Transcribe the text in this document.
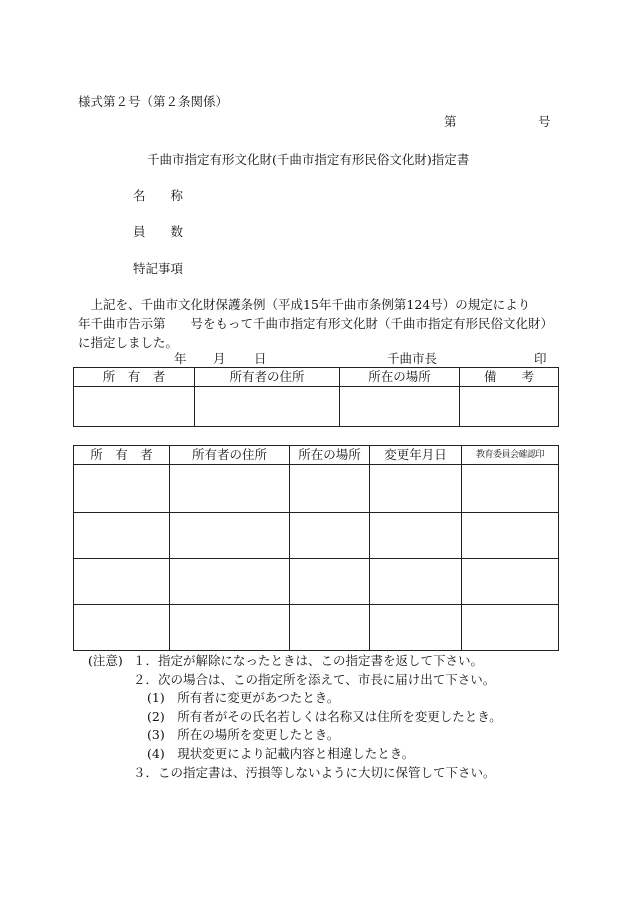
様式第２号（第２条関係）
第	号
千曲市指定有形文化財(千曲市指定有形民俗文化財)指定書
名　　称
員　　数
特記事項
　上記を、千曲市文化財保護条例（平成15年千曲市条例第124号）の規定により　　年千曲市告示第　　号をもって千曲市指定有形文化財（千曲市指定有形民俗文化財）に指定しました。
年 月 日	千曲市長	印
所　有　者	所有者の住所	所在の場所	備　　考

所　有　者	所有者の住所	所在の場所	変更年月日	教育委員会確認印

(注意) １．指定が解除になったときは、この指定書を返して下さい。
２．次の場合は、この指定所を添えて、市長に届け出て下さい。
(1)　所有者に変更があつたとき。
(2)　所有者がその氏名若しくは名称又は住所を変更したとき。
(3)　所在の場所を変更したとき。
(4)　現状変更により記載内容と相違したとき。
３．この指定書は、汚損等しないように大切に保管して下さい。
